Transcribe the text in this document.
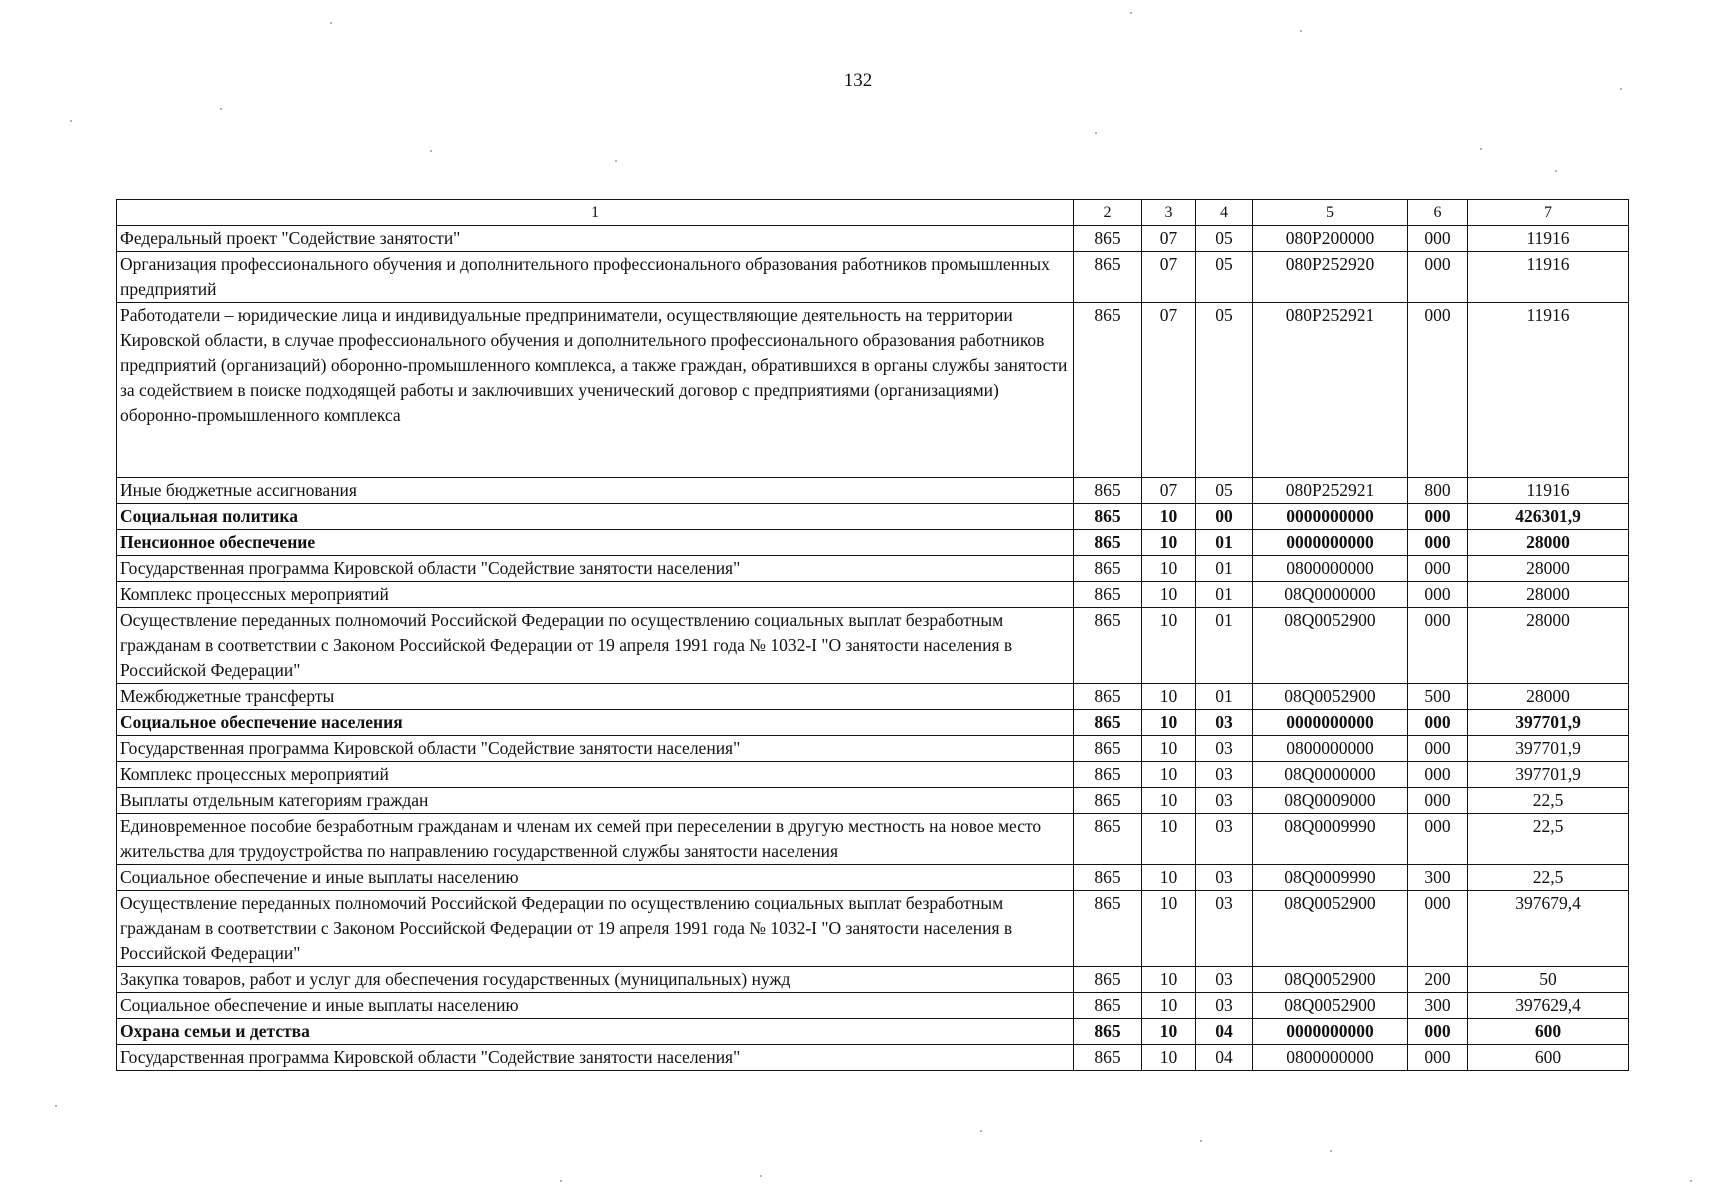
132
1	2	3	4	5	6	7
Федеральный проект "Содействие занятости"	865	07	05	080P200000	000	11916
Организация профессионального обучения и дополнительного профессионального образования работников промышленных предприятий	865	07	05	080P252920	000	11916
Работодатели – юридические лица и индивидуальные предприниматели, осуществляющие деятельность на территории Кировской области, в случае профессионального обучения и дополнительного профессионального образования работников предприятий (организаций) оборонно-промышленного комплекса, а также граждан, обратившихся в органы службы занятости за содействием в поиске подходящей работы и заключивших ученический договор с предприятиями (организациями) оборонно-промышленного комплекса	865	07	05	080P252921	000	11916
Иные бюджетные ассигнования	865	07	05	080P252921	800	11916
Социальная политика	865	10	00	0000000000	000	426301,9
Пенсионное обеспечение	865	10	01	0000000000	000	28000
Государственная программа Кировской области "Содействие занятости населения"	865	10	01	0800000000	000	28000
Комплекс процессных мероприятий	865	10	01	08Q0000000	000	28000
Осуществление переданных полномочий Российской Федерации по осуществлению социальных выплат безработным гражданам в соответствии с Законом Российской Федерации от 19 апреля 1991 года № 1032-I "О занятости населения в Российской Федерации"	865	10	01	08Q0052900	000	28000
Межбюджетные трансферты	865	10	01	08Q0052900	500	28000
Социальное обеспечение населения	865	10	03	0000000000	000	397701,9
Государственная программа Кировской области "Содействие занятости населения"	865	10	03	0800000000	000	397701,9
Комплекс процессных мероприятий	865	10	03	08Q0000000	000	397701,9
Выплаты отдельным категориям граждан	865	10	03	08Q0009000	000	22,5
Единовременное пособие безработным гражданам и членам их семей при переселении в другую местность на новое место жительства для трудоустройства по направлению государственной службы занятости населения	865	10	03	08Q0009990	000	22,5
Социальное обеспечение и иные выплаты населению	865	10	03	08Q0009990	300	22,5
Осуществление переданных полномочий Российской Федерации по осуществлению социальных выплат безработным гражданам в соответствии с Законом Российской Федерации от 19 апреля 1991 года № 1032-I "О занятости населения в Российской Федерации"	865	10	03	08Q0052900	000	397679,4
Закупка товаров, работ и услуг для обеспечения государственных (муниципальных) нужд	865	10	03	08Q0052900	200	50
Социальное обеспечение и иные выплаты населению	865	10	03	08Q0052900	300	397629,4
Охрана семьи и детства	865	10	04	0000000000	000	600
Государственная программа Кировской области "Содействие занятости населения"	865	10	04	0800000000	000	600
